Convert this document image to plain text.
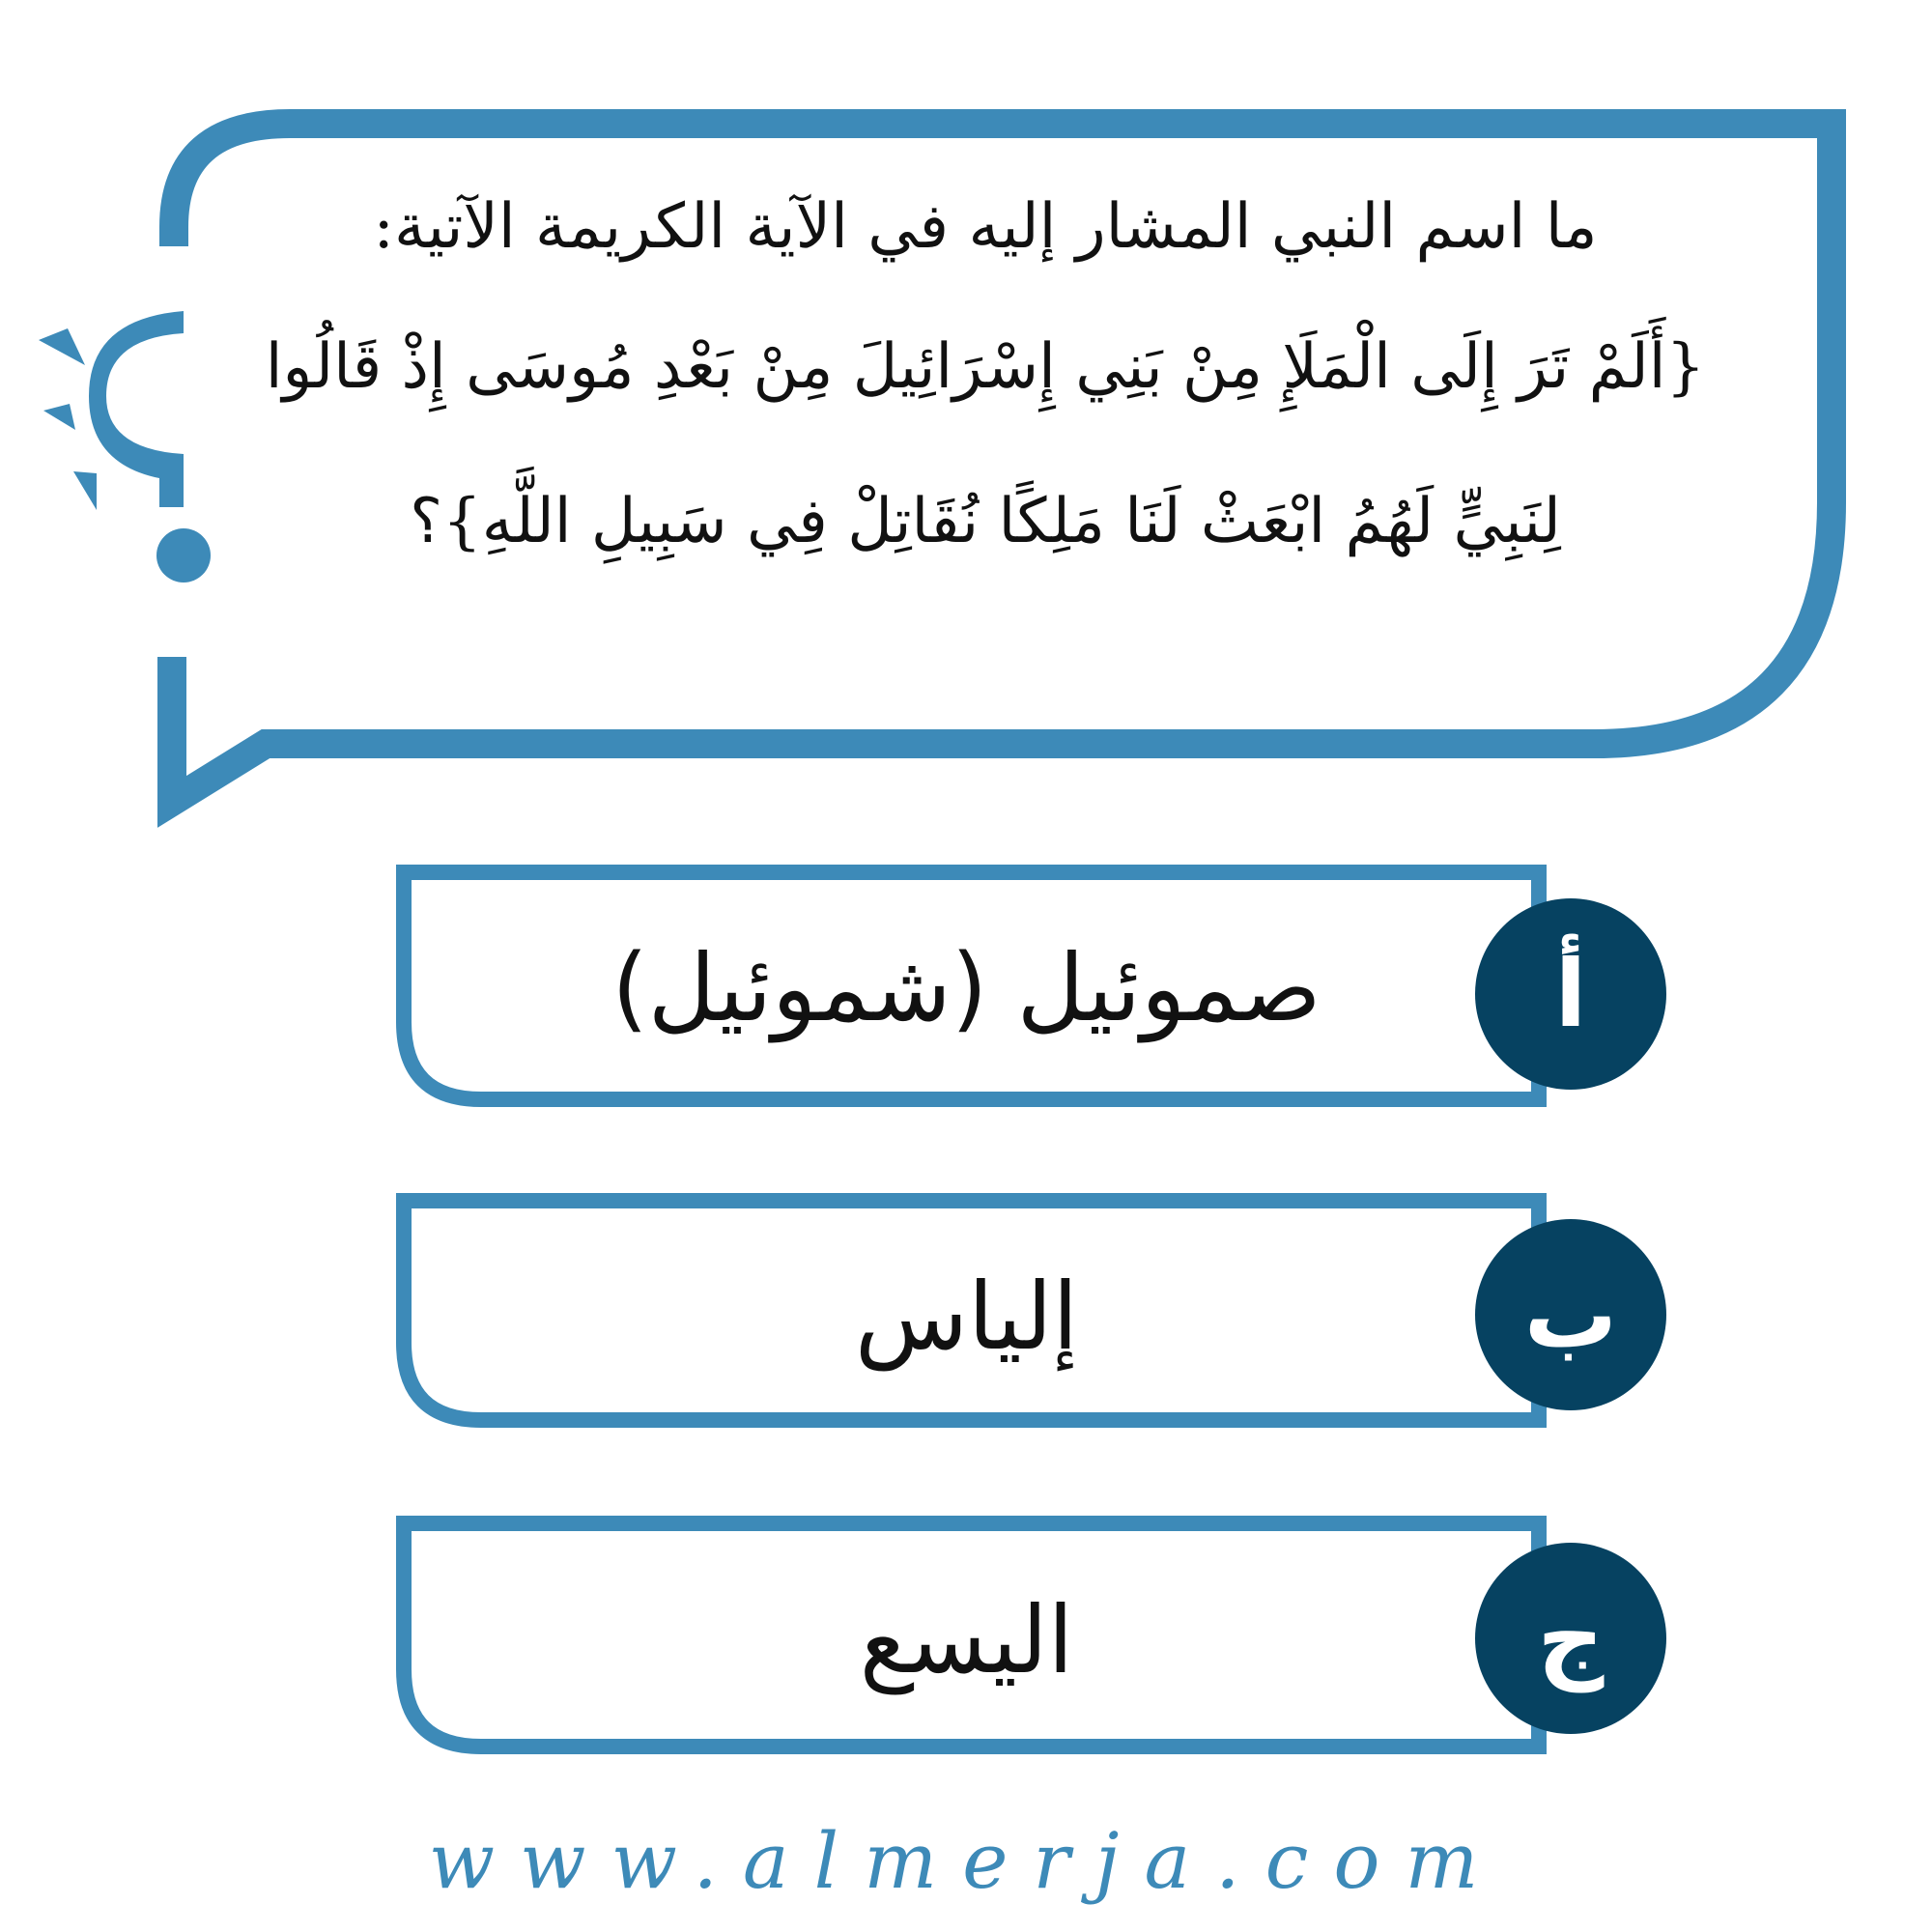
ما اسم النبي المشار إليه في الآية الكريمة الآتية:
{أَلَمْ تَرَ إِلَى الْمَلَإِ مِنْ بَنِي إِسْرَائِيلَ مِنْ بَعْدِ مُوسَى إِذْ قَالُوا
لِنَبِيٍّ لَهُمُ ابْعَثْ لَنَا مَلِكًا نُقَاتِلْ فِي سَبِيلِ اللَّهِ}؟
صموئيل (شموئيل)	أ
إلياس	ب
اليسع	ج
www.almerja.com
